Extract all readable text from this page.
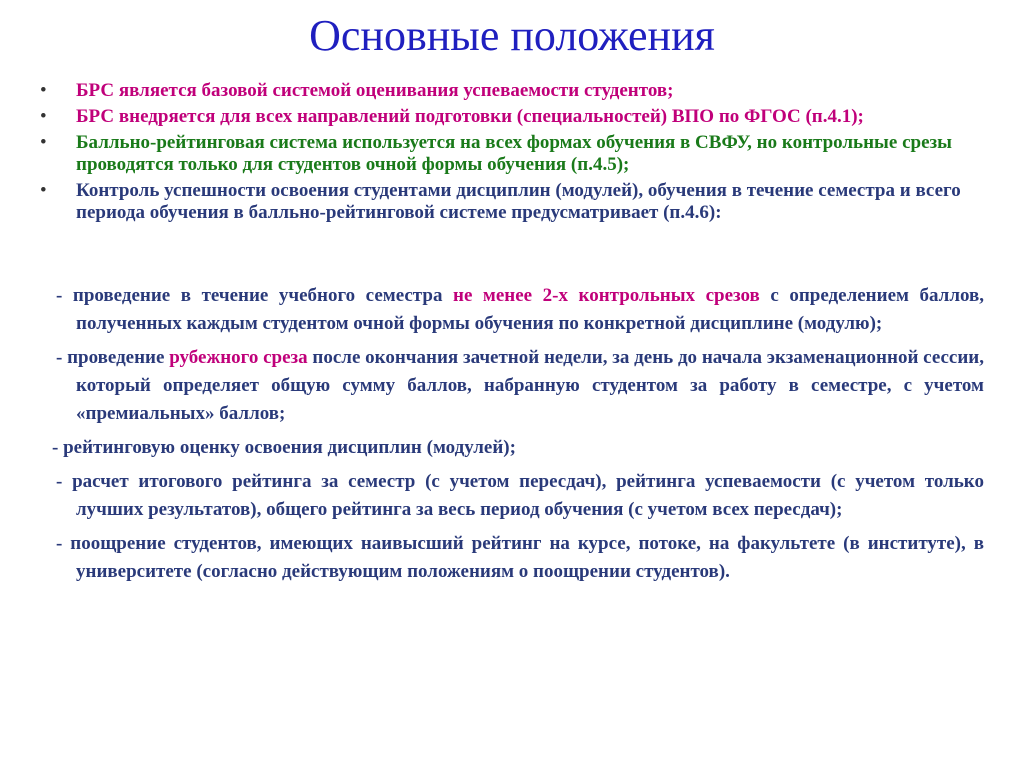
Основные положения
• БРС является базовой системой оценивания успеваемости студентов;
• БРС внедряется для всех направлений подготовки (специальностей) ВПО по ФГОС (п.4.1);
• Балльно-рейтинговая система используется на всех формах обучения в СВФУ, но контрольные срезы проводятся только для студентов очной формы обучения (п.4.5);
• Контроль успешности освоения студентами дисциплин (модулей), обучения в течение семестра и всего периода обучения в балльно-рейтинговой системе предусматривает (п.4.6):
- проведение в течение учебного семестра не менее 2-х контрольных срезов с определением баллов, полученных каждым студентом очной формы обучения по конкретной дисциплине (модулю);
- проведение рубежного среза после окончания зачетной недели, за день до начала экзаменационной сессии, который определяет общую сумму баллов, набранную студентом за работу в семестре, с учетом «премиальных» баллов;
- рейтинговую оценку освоения дисциплин (модулей);
- расчет итогового рейтинга за семестр (с учетом пересдач), рейтинга успеваемости (с учетом только лучших результатов), общего рейтинга за весь период обучения (с учетом всех пересдач);
- поощрение студентов, имеющих наивысший рейтинг на курсе, потоке, на факультете (в институте), в университете (согласно действующим положениям о поощрении студентов).
